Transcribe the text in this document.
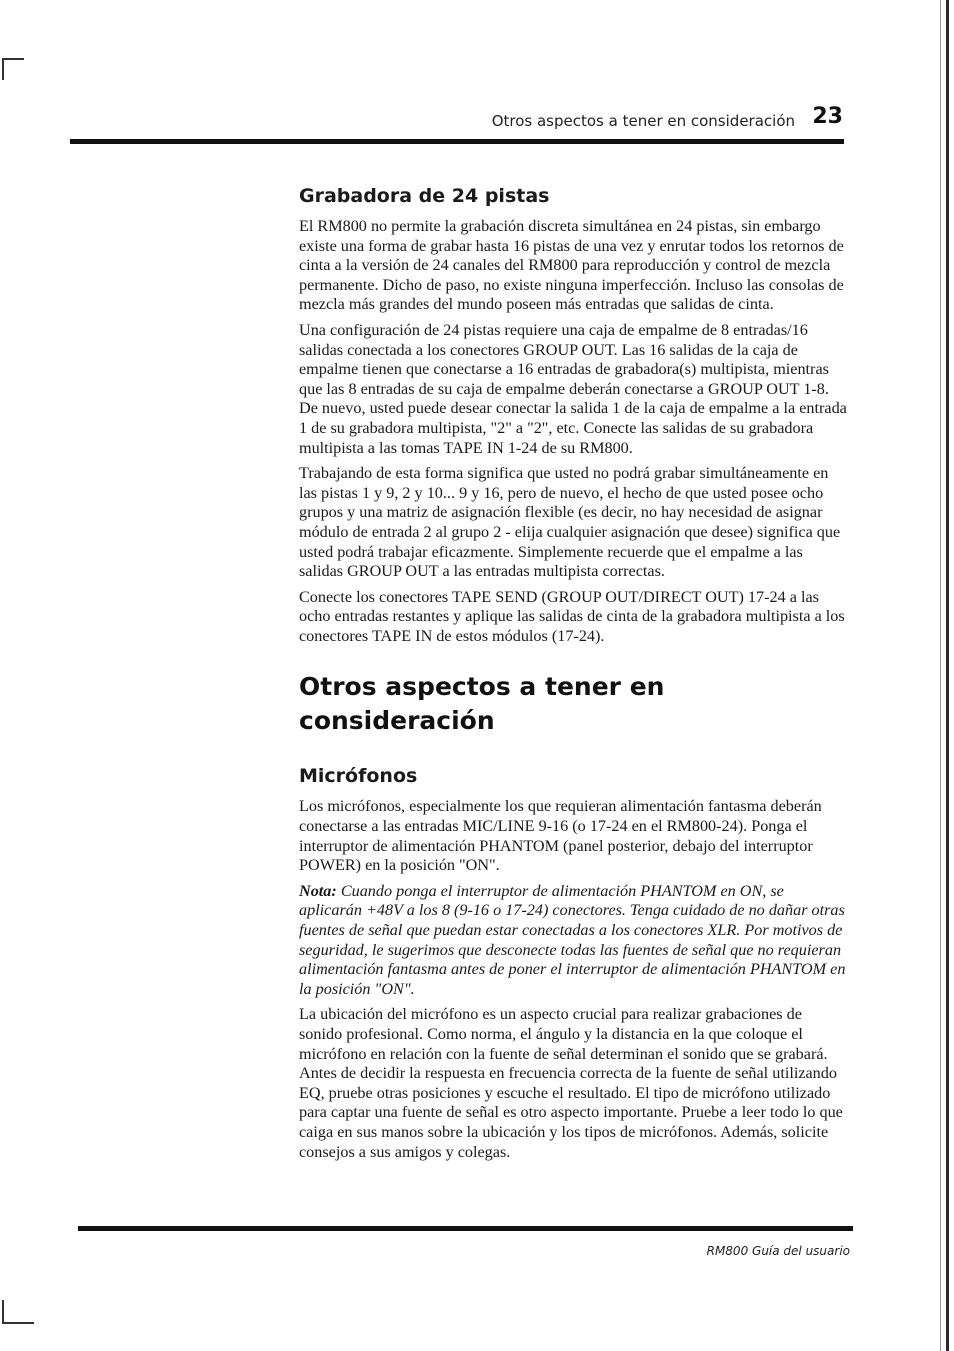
Otros aspectos a tener en consideración 23
Grabadora de 24 pistas

El RM800 no permite la grabación discreta simultánea en 24 pistas, sin embargo existe una forma de grabar hasta 16 pistas de una vez y enrutar todos los retornos de cinta a la versión de 24 canales del RM800 para reproducción y control de mezcla permanente. Dicho de paso, no existe ninguna imperfección. Incluso las consolas de mezcla más grandes del mundo poseen más entradas que salidas de cinta.

Una configuración de 24 pistas requiere una caja de empalme de 8 entradas/16 salidas conectada a los conectores GROUP OUT. Las 16 salidas de la caja de empalme tienen que conectarse a 16 entradas de grabadora(s) multipista, mientras que las 8 entradas de su caja de empalme deberán conectarse a GROUP OUT 1-8. De nuevo, usted puede desear conectar la salida 1 de la caja de empalme a la entrada 1 de su grabadora multipista, "2" a "2", etc. Conecte las salidas de su grabadora multipista a las tomas TAPE IN 1-24 de su RM800.

Trabajando de esta forma significa que usted no podrá grabar simultáneamente en las pistas 1 y 9, 2 y 10... 9 y 16, pero de nuevo, el hecho de que usted posee ocho grupos y una matriz de asignación flexible (es decir, no hay necesidad de asignar módulo de entrada 2 al grupo 2 - elija cualquier asignación que desee) significa que usted podrá trabajar eficazmente. Simplemente recuerde que el empalme a las salidas GROUP OUT a las entradas multipista correctas.

Conecte los conectores TAPE SEND (GROUP OUT/DIRECT OUT) 17-24 a las ocho entradas restantes y aplique las salidas de cinta de la grabadora multipista a los conectores TAPE IN de estos módulos (17-24).

Otros aspectos a tener en consideración
Micrófonos

Los micrófonos, especialmente los que requieran alimentación fantasma deberán conectarse a las entradas MIC/LINE 9-16 (o 17-24 en el RM800-24). Ponga el interruptor de alimentación PHANTOM (panel posterior, debajo del interruptor POWER) en la posición "ON".

Nota: Cuando ponga el interruptor de alimentación PHANTOM en ON, se aplicarán +48V a los 8 (9-16 o 17-24) conectores. Tenga cuidado de no dañar otras fuentes de señal que puedan estar conectadas a los conectores XLR. Por motivos de seguridad, le sugerimos que desconecte todas las fuentes de señal que no requieran alimentación fantasma antes de poner el interruptor de alimentación PHANTOM en la posición "ON".

La ubicación del micrófono es un aspecto crucial para realizar grabaciones de sonido profesional. Como norma, el ángulo y la distancia en la que coloque el micrófono en relación con la fuente de señal determinan el sonido que se grabará. Antes de decidir la respuesta en frecuencia correcta de la fuente de señal utilizando EQ, pruebe otras posiciones y escuche el resultado. El tipo de micrófono utilizado para captar una fuente de señal es otro aspecto importante. Pruebe a leer todo lo que caiga en sus manos sobre la ubicación y los tipos de micrófonos. Además, solicite consejos a sus amigos y colegas.

RM800 Guía del usuario
